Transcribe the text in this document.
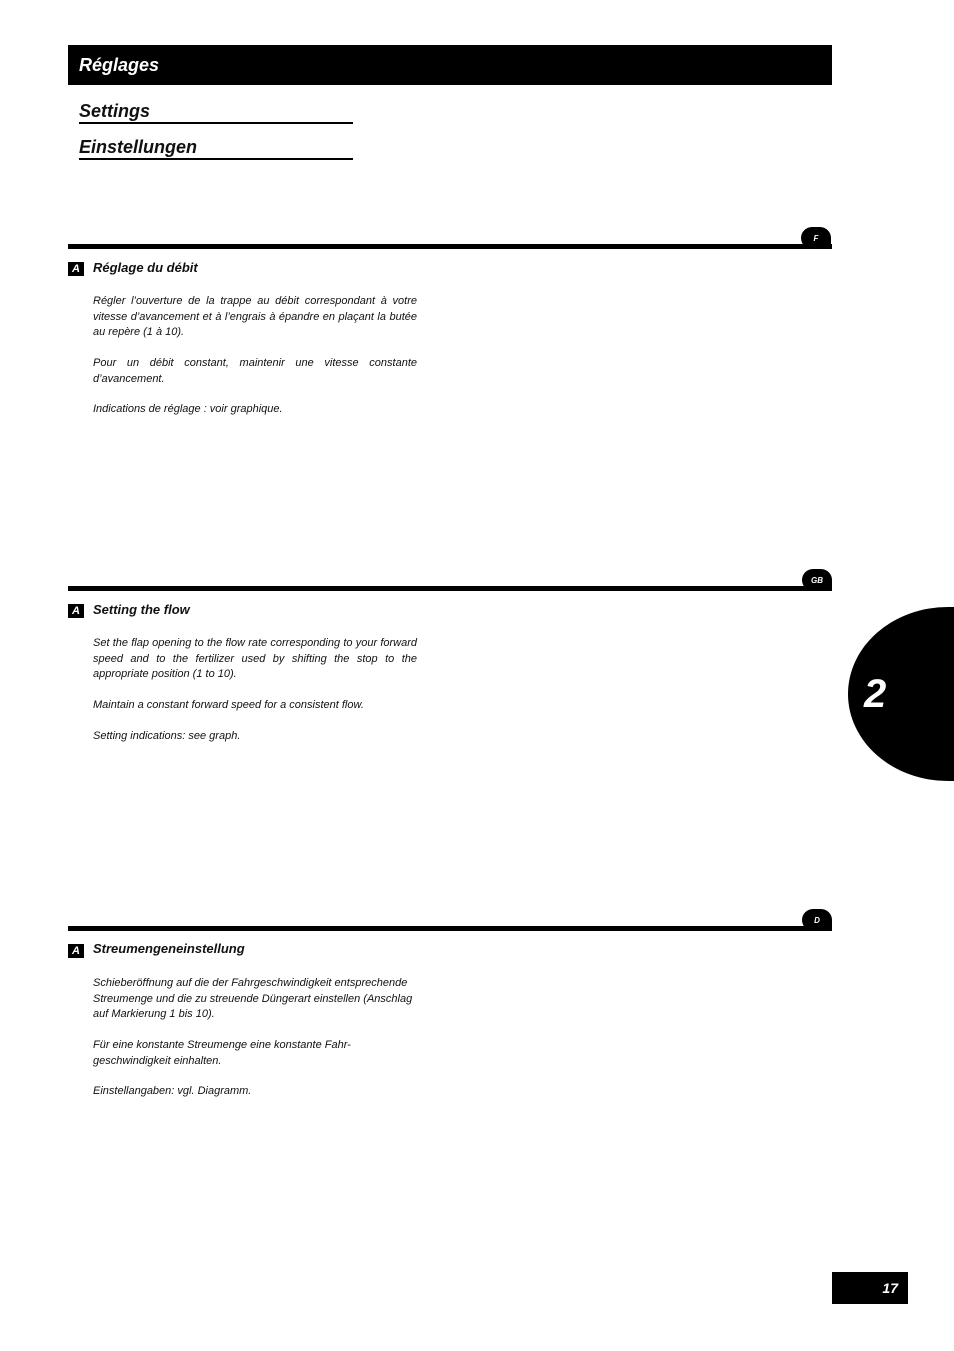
Réglages
Settings
Einstellungen
F
A	Réglage du débit

Régler l’ouverture de la trappe au débit correspondant à votre vitesse d’avancement et à l’engrais à épandre en plaçant la butée au repère (1 à 10).

Pour un débit constant, maintenir une vitesse constante d’avancement.

Indications de réglage : voir graphique.

GB
A	Setting the flow

Set the flap opening to the flow rate corresponding to your forward speed and to the fertilizer used by shifting the stop to the appropriate position (1 to 10).

Maintain a constant forward speed for a consistent flow.

Setting indications: see graph.

D
A	Streumengeneinstellung

Schieberöffnung auf die der Fahrgeschwindigkeit entsprechende Streumenge und die zu streuende Düngerart einstellen (Anschlag auf Markierung 1 bis 10).

Für eine konstante Streumenge eine konstante Fahr- geschwindigkeit einhalten.

Einstellangaben: vgl. Diagramm.

2
17
